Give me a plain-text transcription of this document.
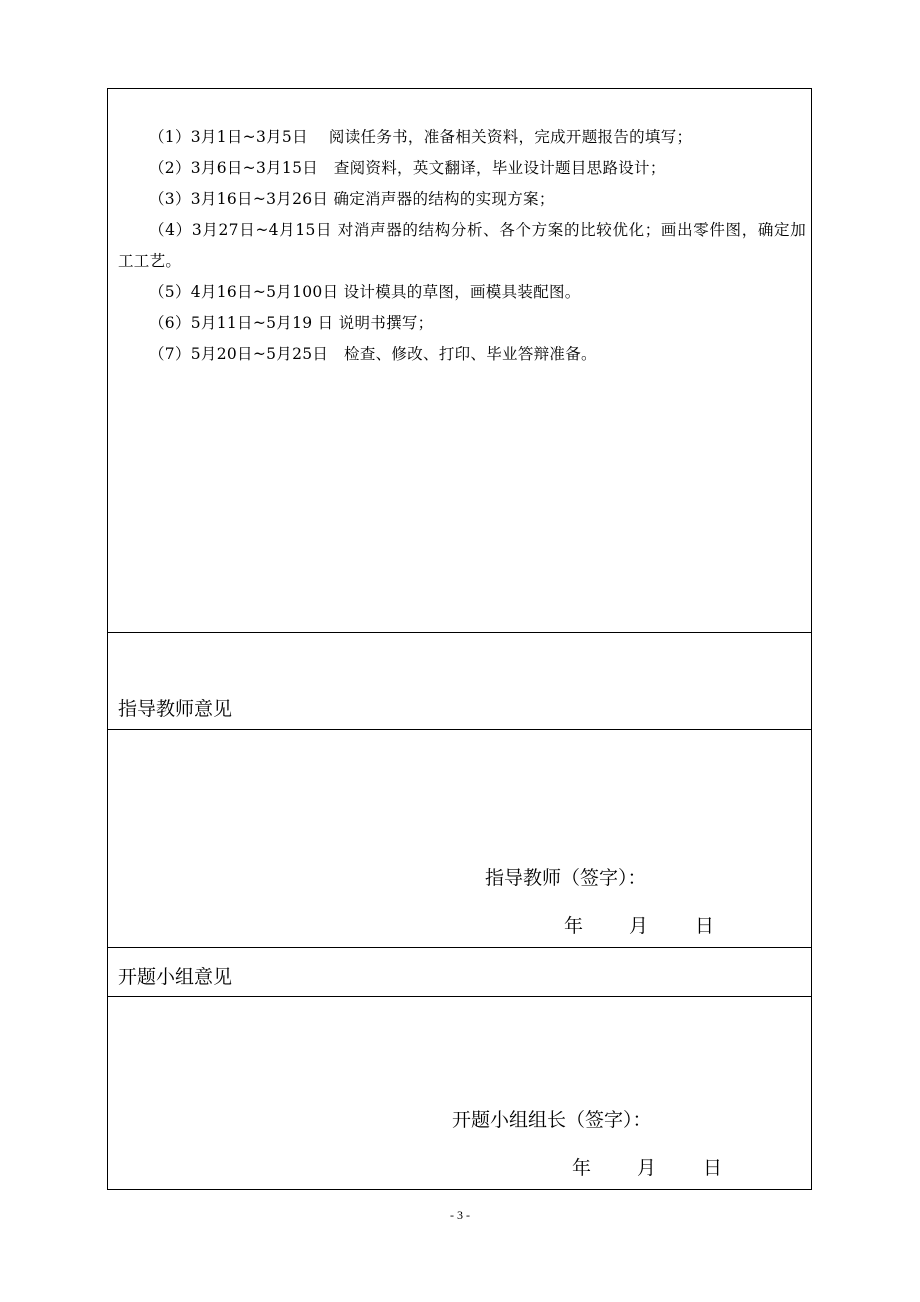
（1）3月1日~3月5日　 阅读任务书，准备相关资料，完成开题报告的填写；

（2）3月6日~3月15日　查阅资料，英文翻译，毕业设计题目思路设计；

（3）3月16日~3月26日 确定消声器的结构的实现方案；

（4）3月27日~4月15日 对消声器的结构分析、各个方案的比较优化；画出零件图，确定加工工艺。

（5）4月16日~5月100日 设计模具的草图，画模具装配图。

（6）5月11日~5月19 日 说明书撰写；

（7）5月20日~5月25日　检查、修改、打印、毕业答辩准备。

指导教师意见
指导教师（签字）：
年 月 日
开题小组意见
开题小组组长（签字）：
年 月 日
- 3 -
